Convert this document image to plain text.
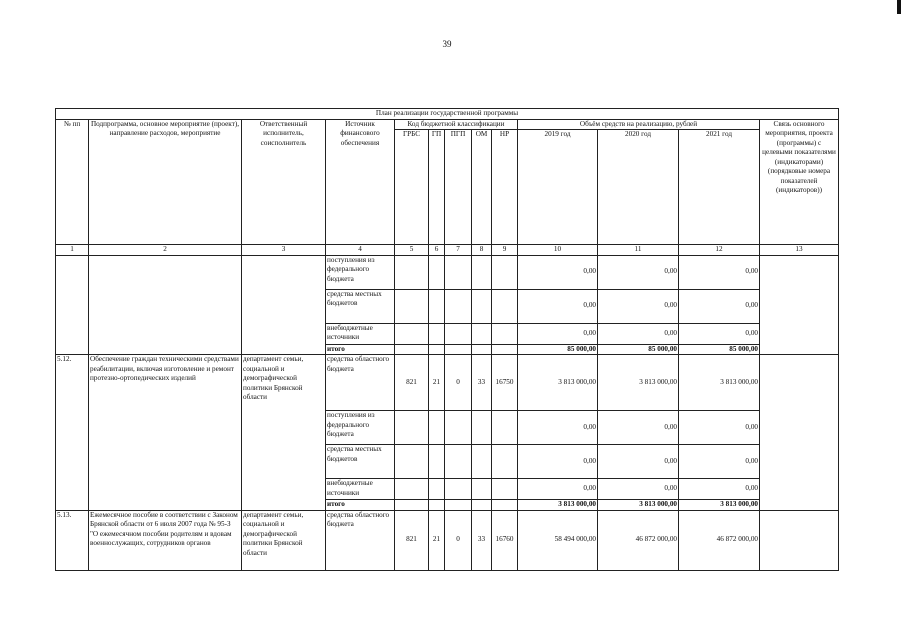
39
План реализации государственной программы												
№ пп	Подпрограмма, основное мероприятие (проект), направление расходов, мероприятие	Ответственный исполнитель, соисполнитель	Источник финансового обеспечения	Код бюджетной классификации					Объём средств на реализацию, рублей			Связь основного мероприятия, проекта (программы) с целевыми показателями (индикаторами) (порядковые номера показателей (индикаторов))
				ГРБС	ГП	ПГП	ОМ	НР	2019 год	2020 год	2021 год	
1	2	3	4	5	6	7	8	9	10	11	12	13
			поступления из федерального бюджета						0,00	0,00	0,00	
			средства местных бюджетов						0,00	0,00	0,00	
			внебюджетные источники						0,00	0,00	0,00	
			итого						85 000,00	85 000,00	85 000,00	
5.12.	Обеспечение граждан техническими средствами реабилитации, включая изготовление и ремонт протезно-ортопедических изделий	департамент семьи, социальной и демографической политики Брянской области	средства областного бюджета	821	21	0	33	16750	3 813 000,00	3 813 000,00	3 813 000,00	
			поступления из федерального бюджета						0,00	0,00	0,00	
			средства местных бюджетов						0,00	0,00	0,00	
			внебюджетные источники						0,00	0,00	0,00	
			итого						3 813 000,00	3 813 000,00	3 813 000,00	
5.13.	Ежемесячное пособие в соответствии с Законом Брянской области от 6 июля 2007 года № 95-З "О ежемесячном пособии родителям и вдовам военнослужащих, сотрудников органов	департамент семьи, социальной и демографической политики Брянской области	средства областного бюджета	821	21	0	33	16760	58 494 000,00	46 872 000,00	46 872 000,00	
